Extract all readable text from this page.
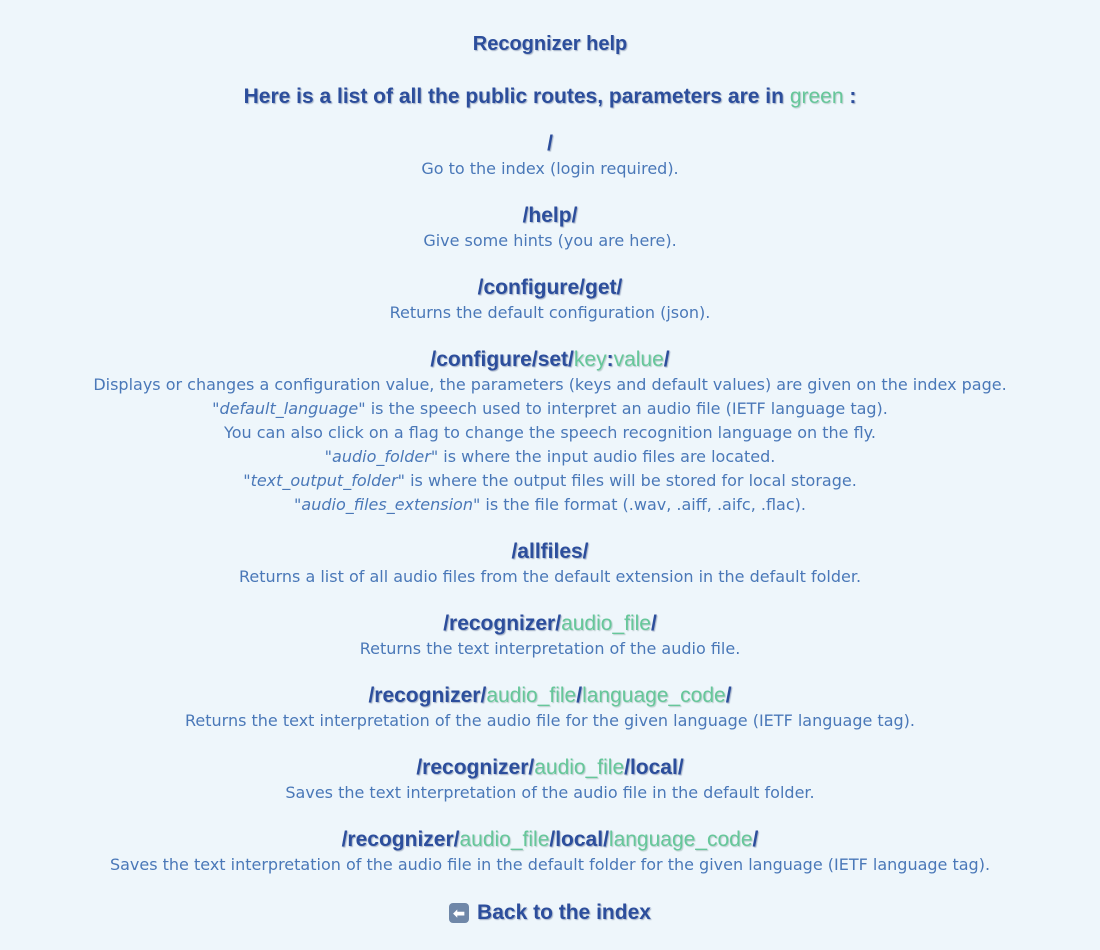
Recognizer help
Here is a list of all the public routes, parameters are in green :

/

Go to the index (login required).

/help/

Give some hints (you are here).

/configure/get/

Returns the default configuration (json).

/configure/set/key:value/

Displays or changes a configuration value, the parameters (keys and default values) are given on the index page.

"default_language" is the speech used to interpret an audio file (IETF language tag).

You can also click on a flag to change the speech recognition language on the fly.

"audio_folder" is where the input audio files are located.

"text_output_folder" is where the output files will be stored for local storage.

"audio_files_extension" is the file format (.wav, .aiff, .aifc, .flac).

/allfiles/

Returns a list of all audio files from the default extension in the default folder.

/recognizer/audio_file/

Returns the text interpretation of the audio file.

/recognizer/audio_file/language_code/

Returns the text interpretation of the audio file for the given language (IETF language tag).

/recognizer/audio_file/local/

Saves the text interpretation of the audio file in the default folder.

/recognizer/audio_file/local/language_code/

Saves the text interpretation of the audio file in the default folder for the given language (IETF language tag).

⬅ Back to the index
